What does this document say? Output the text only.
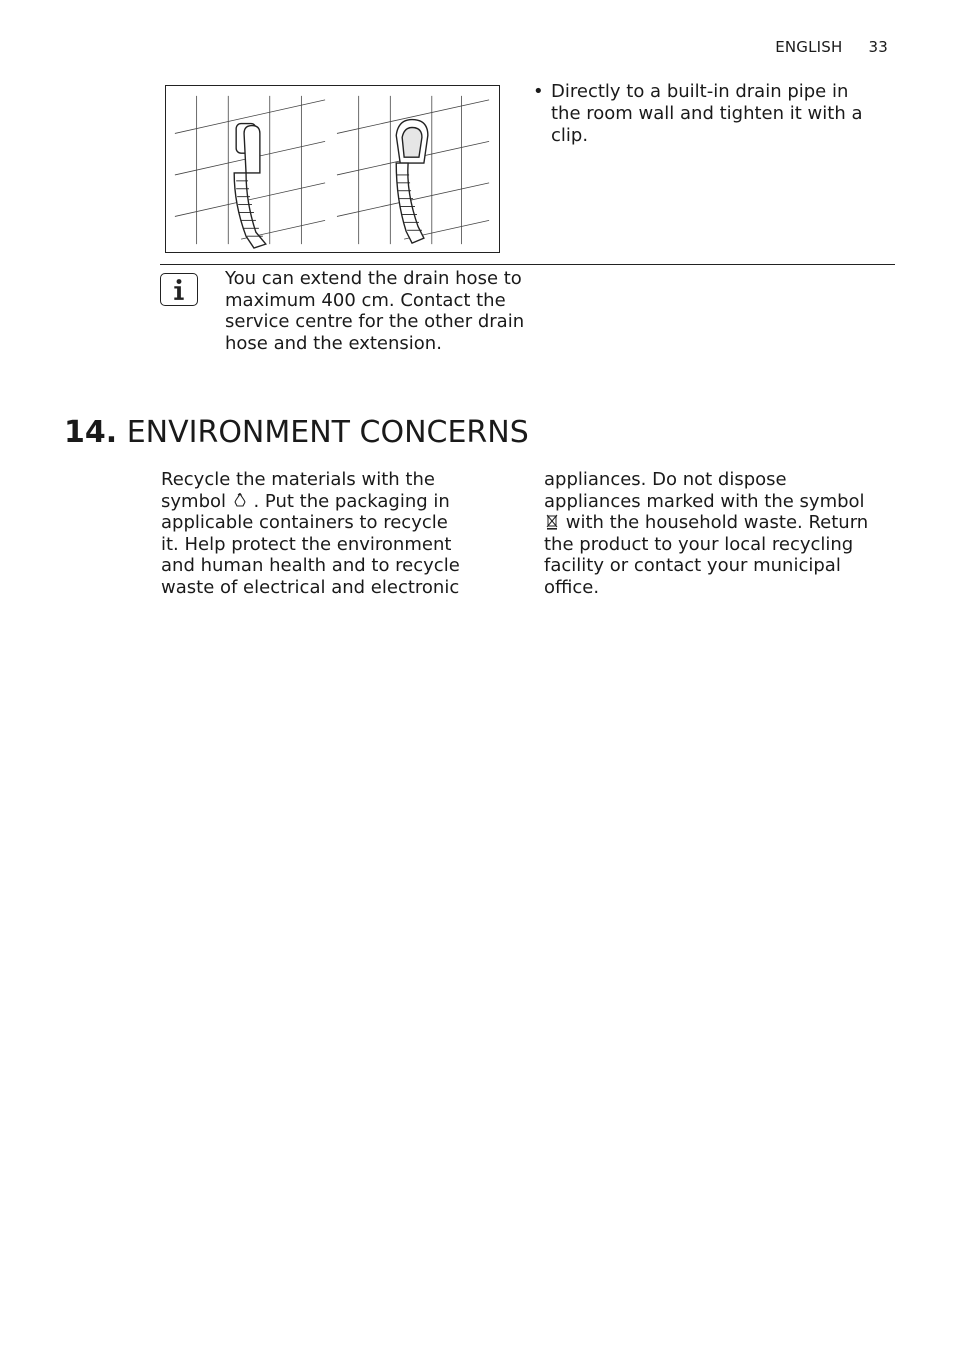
ENGLISH 33
• Directly to a built-in drain pipe in the room wall and tighten it with a clip.
You can extend the drain hose to maximum 400 cm. Contact the service centre for the other drain hose and the extension.
14. ENVIRONMENT CONCERNS
Recycle the materials with the symbol . Put the packaging in applicable containers to recycle it. Help protect the environment and human health and to recycle waste of electrical and electronic
appliances. Do not dispose appliances marked with the symbol
with the household waste. Return the product to your local recycling facility or contact your municipal office.
